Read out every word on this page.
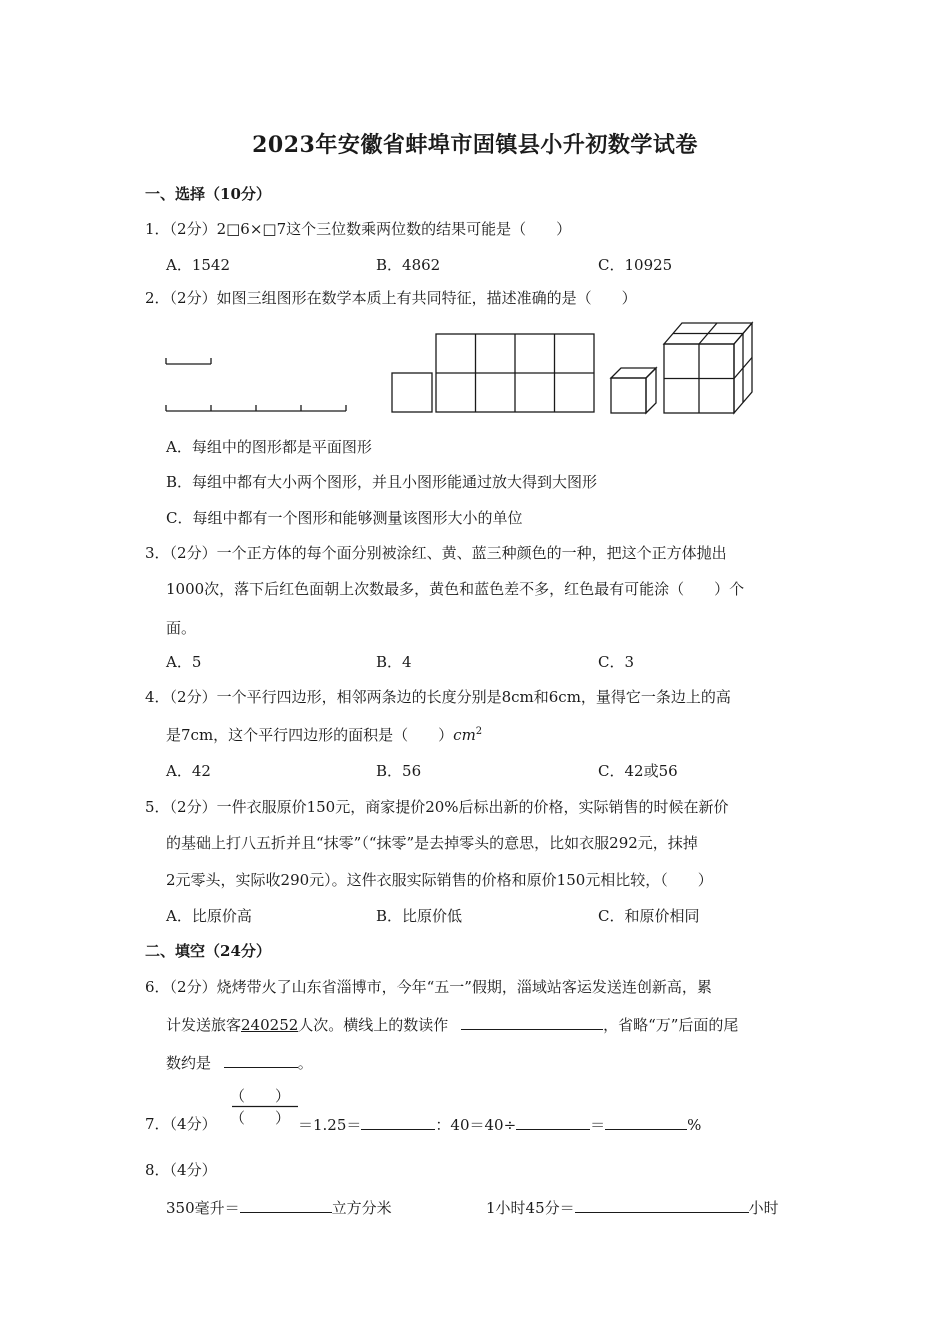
2023年安徽省蚌埠市固镇县小升初数学试卷
一、选择（10分）
1．（2分）2□6×□7这个三位数乘两位数的结果可能是（　　）
A．1542	B．4862	C．10925
2．（2分）如图三组图形在数学本质上有共同特征，描述准确的是（　　）
A．每组中的图形都是平面图形
B．每组中都有大小两个图形，并且小图形能通过放大得到大图形
C．每组中都有一个图形和能够测量该图形大小的单位
3．（2分）一个正方体的每个面分别被涂红、黄、蓝三种颜色的一种，把这个正方体抛出
1000次，落下后红色面朝上次数最多，黄色和蓝色差不多，红色最有可能涂（　　）个
面。
A．5	B．4	C．3
4．（2分）一个平行四边形，相邻两条边的长度分别是8cm和6cm，量得它一条边上的高
是7cm，这个平行四边形的面积是（　　）$cm^2$
A．42	B．56	C．42或56
5．（2分）一件衣服原价150元，商家提价20%后标出新的价格，实际销售的时候在新价
的基础上打八五折并且“抹零”（“抹零”是去掉零头的意思，比如衣服292元，抹掉
2元零头，实际收290元）。这件衣服实际销售的价格和原价150元相比较，（　　）
A．比原价高	B．比原价低	C．和原价相同
二、填空（24分）
6．（2分）烧烤带火了山东省淄博市，今年“五一”假期，淄域站客运发送连创新高，累
计发送旅客240252人次。横线上的数读作	，省略“万”后面的尾
数约是	。
7．（4分）
（　　）
（　　） ＝1.25＝	：40＝40÷	＝	%
8．（4分）
350毫升＝	立方分米	1小时45分＝	小时
